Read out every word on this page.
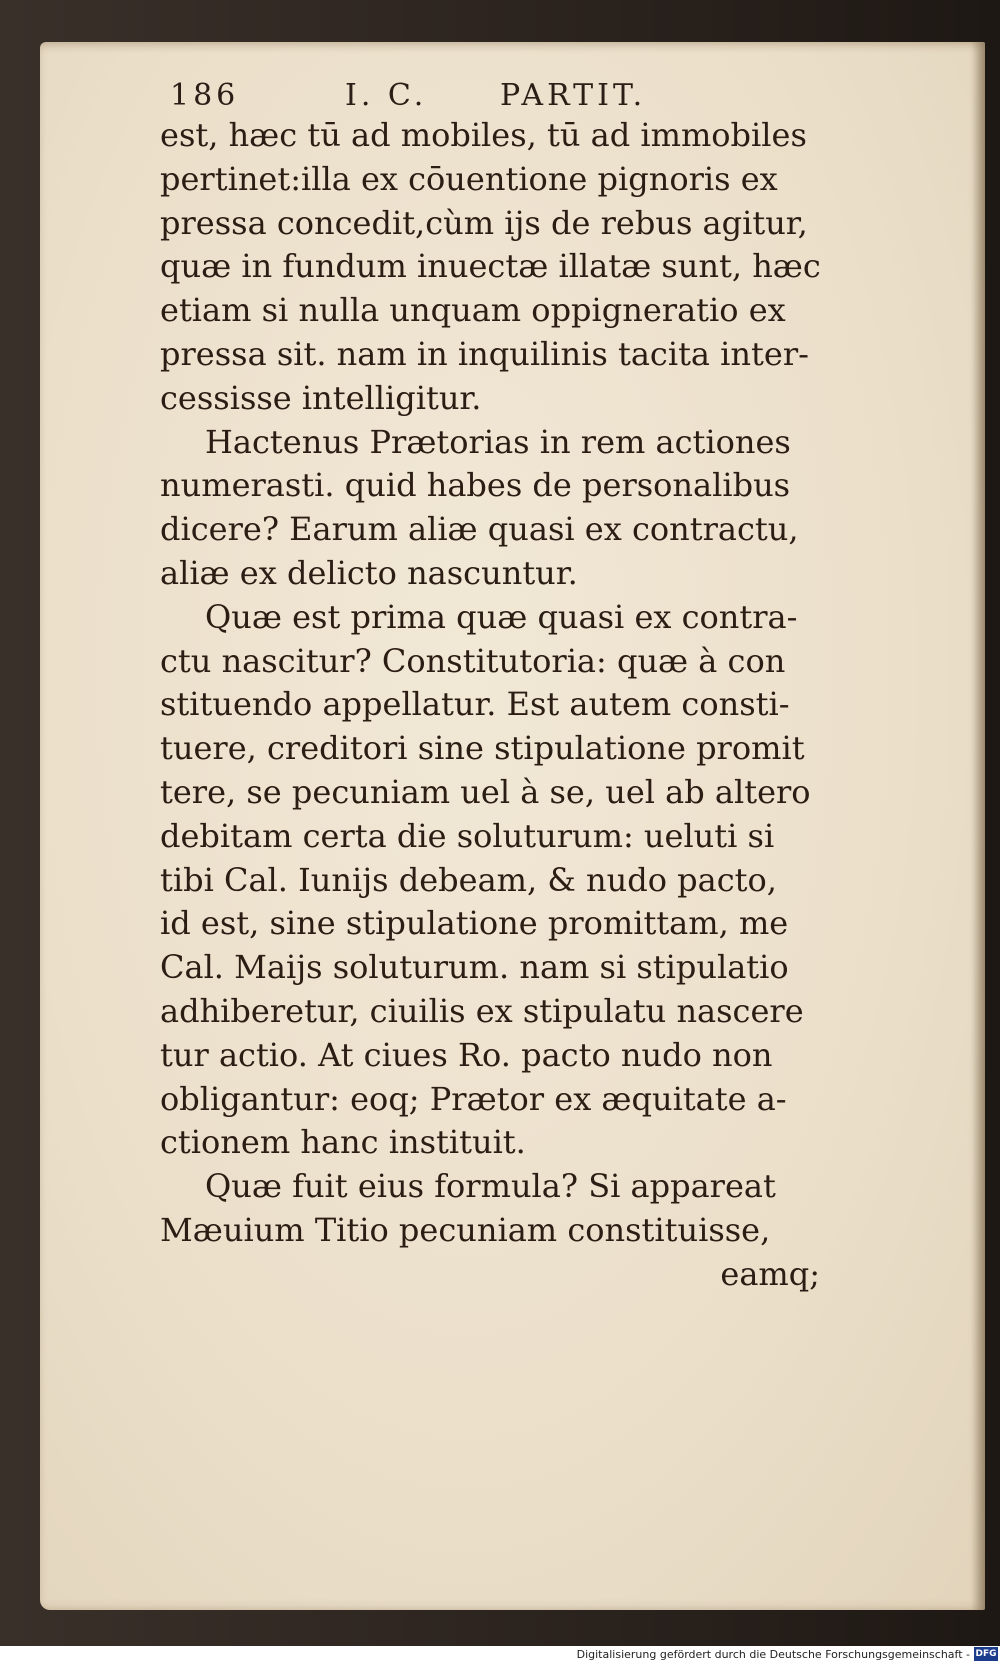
186	I. C. PARTIT.
est, hæc tū ad mobiles, tū ad immobiles
pertinet:illa ex cōuentione pignoris ex
pressa concedit,cùm ijs de rebus agitur,
quæ in fundum inuectæ illatæ sunt, hæc
etiam si nulla unquam oppigneratio ex
pressa sit. nam in inquilinis tacita inter-
cessisse intelligitur.
Hactenus Prætorias in rem actiones
numerasti. quid habes de personalibus
dicere? Earum aliæ quasi ex contractu,
aliæ ex delicto nascuntur.
Quæ est prima quæ quasi ex contra-
ctu nascitur? Constitutoria: quæ à con
stituendo appellatur. Est autem consti-
tuere, creditori sine stipulatione promit
tere, se pecuniam uel à se, uel ab altero
debitam certa die soluturum: ueluti si
tibi Cal. Iunijs debeam, & nudo pacto,
id est, sine stipulatione promittam, me
Cal. Maijs soluturum. nam si stipulatio
adhiberetur, ciuilis ex stipulatu nascere
tur actio. At ciues Ro. pacto nudo non
obligantur: eoq; Prætor ex æquitate a-
ctionem hanc instituit.
Quæ fuit eius formula? Si appareat
Mæuium Titio pecuniam constituisse,
eamq;
Digitalisierung gefördert durch die Deutsche Forschungsgemeinschaft - DFG
